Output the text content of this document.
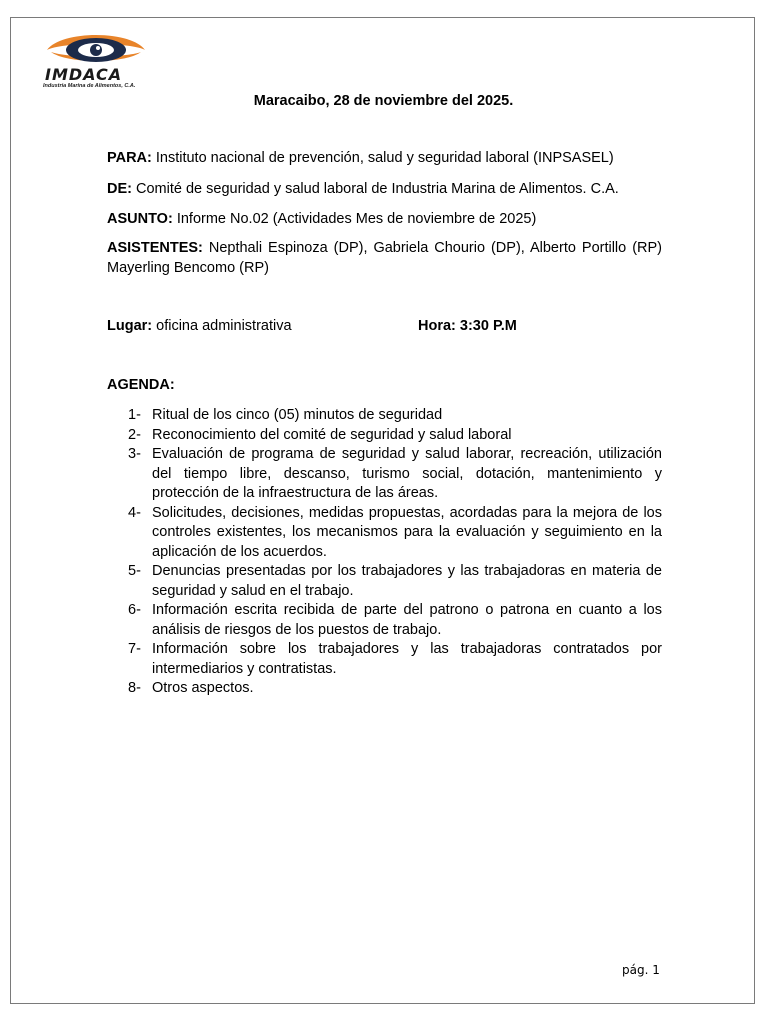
IMDACA
Industria Marina de Alimentos, C.A.
Maracaibo, 28 de noviembre del 2025.
PARA: Instituto nacional de prevención, salud y seguridad laboral (INPSASEL)
DE: Comité de seguridad y salud laboral de Industria Marina de Alimentos. C.A.
ASUNTO: Informe No.02 (Actividades Mes de noviembre de 2025)
ASISTENTES: Nepthali Espinoza (DP), Gabriela Chourio (DP), Alberto Portillo (RP) Mayerling Bencomo (RP)
Lugar: oficina administrativa	Hora: 3:30 P.M
AGENDA:
1- Ritual de los cinco (05) minutos de seguridad
2- Reconocimiento del comité de seguridad y salud laboral
3- Evaluación de programa de seguridad y salud laborar, recreación, utilización del tiempo libre, descanso, turismo social, dotación, mantenimiento y protección de la infraestructura de las áreas.
4- Solicitudes, decisiones, medidas propuestas, acordadas para la mejora de los controles existentes, los mecanismos para la evaluación y seguimiento en la aplicación de los acuerdos.
5- Denuncias presentadas por los trabajadores y las trabajadoras en materia de seguridad y salud en el trabajo.
6- Información escrita recibida de parte del patrono o patrona en cuanto a los análisis de riesgos de los puestos de trabajo.
7- Información sobre los trabajadores y las trabajadoras contratados por intermediarios y contratistas.
8- Otros aspectos.
pág. 1
